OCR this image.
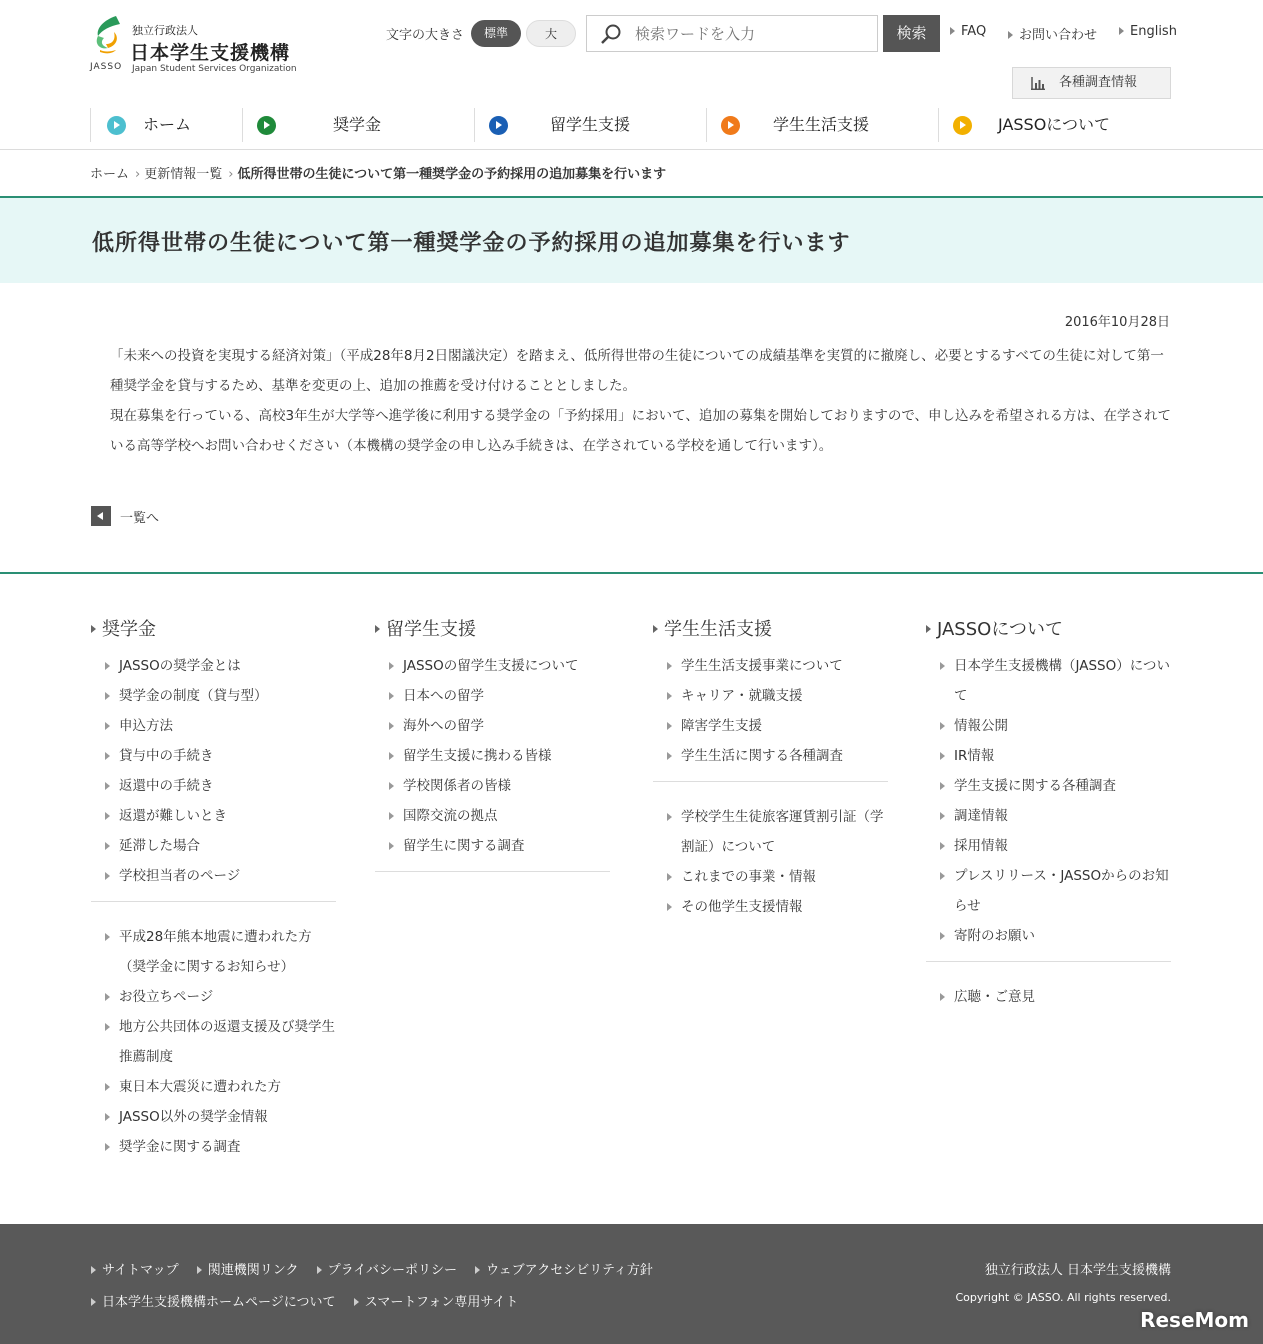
JASSO
独立行政法人
日本学生支援機構
Japan Student Services Organization
文字の大きさ	標準	大
検索ワードを入力	検索	FAQ	お問い合わせ	English
各種調査情報
ホーム	奨学金	留学生支援	学生生活支援	JASSOについて
ホーム › 更新情報一覧 › 低所得世帯の生徒について第一種奨学金の予約採用の追加募集を行います
低所得世帯の生徒について第一種奨学金の予約採用の追加募集を行います
2016年10月28日

「未来への投資を実現する経済対策」（平成28年8月2日閣議決定）を踏まえ、低所得世帯の生徒についての成績基準を実質的に撤廃し、必要とするすべての生徒に対して第一種奨学金を貸与するため、基準を変更の上、追加の推薦を受け付けることとしました。

現在募集を行っている、高校3年生が大学等へ進学後に利用する奨学金の「予約採用」において、追加の募集を開始しておりますので、申し込みを希望される方は、在学されている高等学校へお問い合わせください（本機構の奨学金の申し込み手続きは、在学されている学校を通して行います）。

一覧へ
奨学金
JASSOの奨学金とは
奨学金の制度（貸与型）
申込方法
貸与中の手続き
返還中の手続き
返還が難しいとき
延滞した場合
学校担当者のページ
平成28年熊本地震に遭われた方（奨学金に関するお知らせ）
お役立ちページ
地方公共団体の返還支援及び奨学生推薦制度
東日本大震災に遭われた方
JASSO以外の奨学金情報
奨学金に関する調査
留学生支援
JASSOの留学生支援について
日本への留学
海外への留学
留学生支援に携わる皆様
学校関係者の皆様
国際交流の拠点
留学生に関する調査
学生生活支援
学生生活支援事業について
キャリア・就職支援
障害学生支援
学生生活に関する各種調査
学校学生生徒旅客運賃割引証（学割証）について
これまでの事業・情報
その他学生支援情報
JASSOについて
日本学生支援機構（JASSO）について
情報公開
IR情報
学生支援に関する各種調査
調達情報
採用情報
プレスリリース・JASSOからのお知らせ
寄附のお願い
広聴・ご意見
サイトマップ 関連機関リンク プライバシーポリシー ウェブアクセシビリティ方針
日本学生支援機構ホームページについて スマートフォン専用サイト
独立行政法人 日本学生支援機構
Copyright © JASSO. All rights reserved.
ReseMom
